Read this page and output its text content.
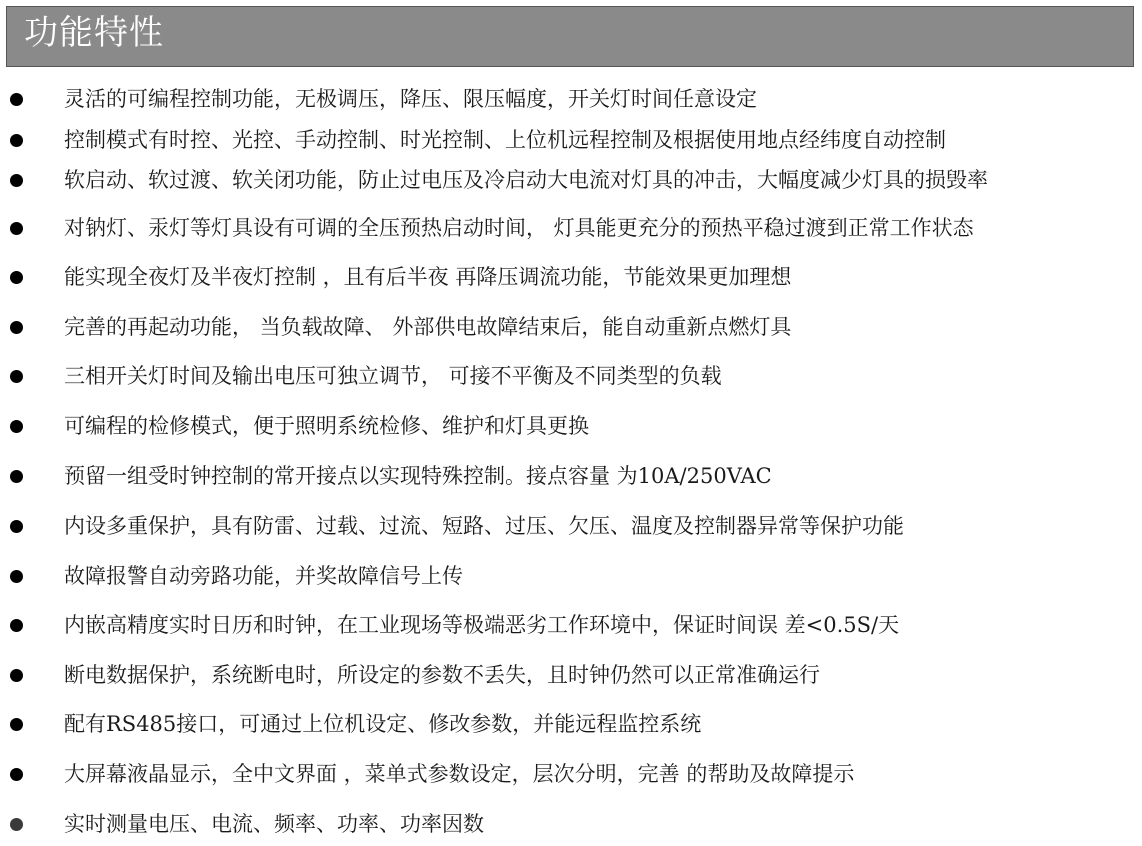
功能特性
灵活的可编程控制功能，无极调压，降压、限压幅度，开关灯时间任意设定
控制模式有时控、光控、手动控制、时光控制、上位机远程控制及根据使用地点经纬度自动控制
软启动、软过渡、软关闭功能，防止过电压及冷启动大电流对灯具的冲击，大幅度减少灯具的损毁率
对钠灯、汞灯等灯具设有可调的全压预热启动时间， 灯具能更充分的预热平稳过渡到正常工作状态
能实现全夜灯及半夜灯控制 ，且有后半夜 再降压调流功能，节能效果更加理想
完善的再起动功能， 当负载故障、 外部供电故障结束后，能自动重新点燃灯具
三相开关灯时间及输出电压可独立调节， 可接不平衡及不同类型的负载
可编程的检修模式，便于照明系统检修、维护和灯具更换
预留一组受时钟控制的常开接点以实现特殊控制。接点容量 为10A/250VAC
内设多重保护，具有防雷、过载、过流、短路、过压、欠压、温度及控制器异常等保护功能
故障报警自动旁路功能，并奖故障信号上传
内嵌高精度实时日历和时钟，在工业现场等极端恶劣工作环境中，保证时间误 差<0.5S/天
断电数据保护，系统断电时，所设定的参数不丢失，且时钟仍然可以正常准确运行
配有RS485接口，可通过上位机设定、修改参数，并能远程监控系统
大屏幕液晶显示，全中文界面 ，菜单式参数设定，层次分明，完善 的帮助及故障提示
实时测量电压、电流、频率、功率、功率因数
